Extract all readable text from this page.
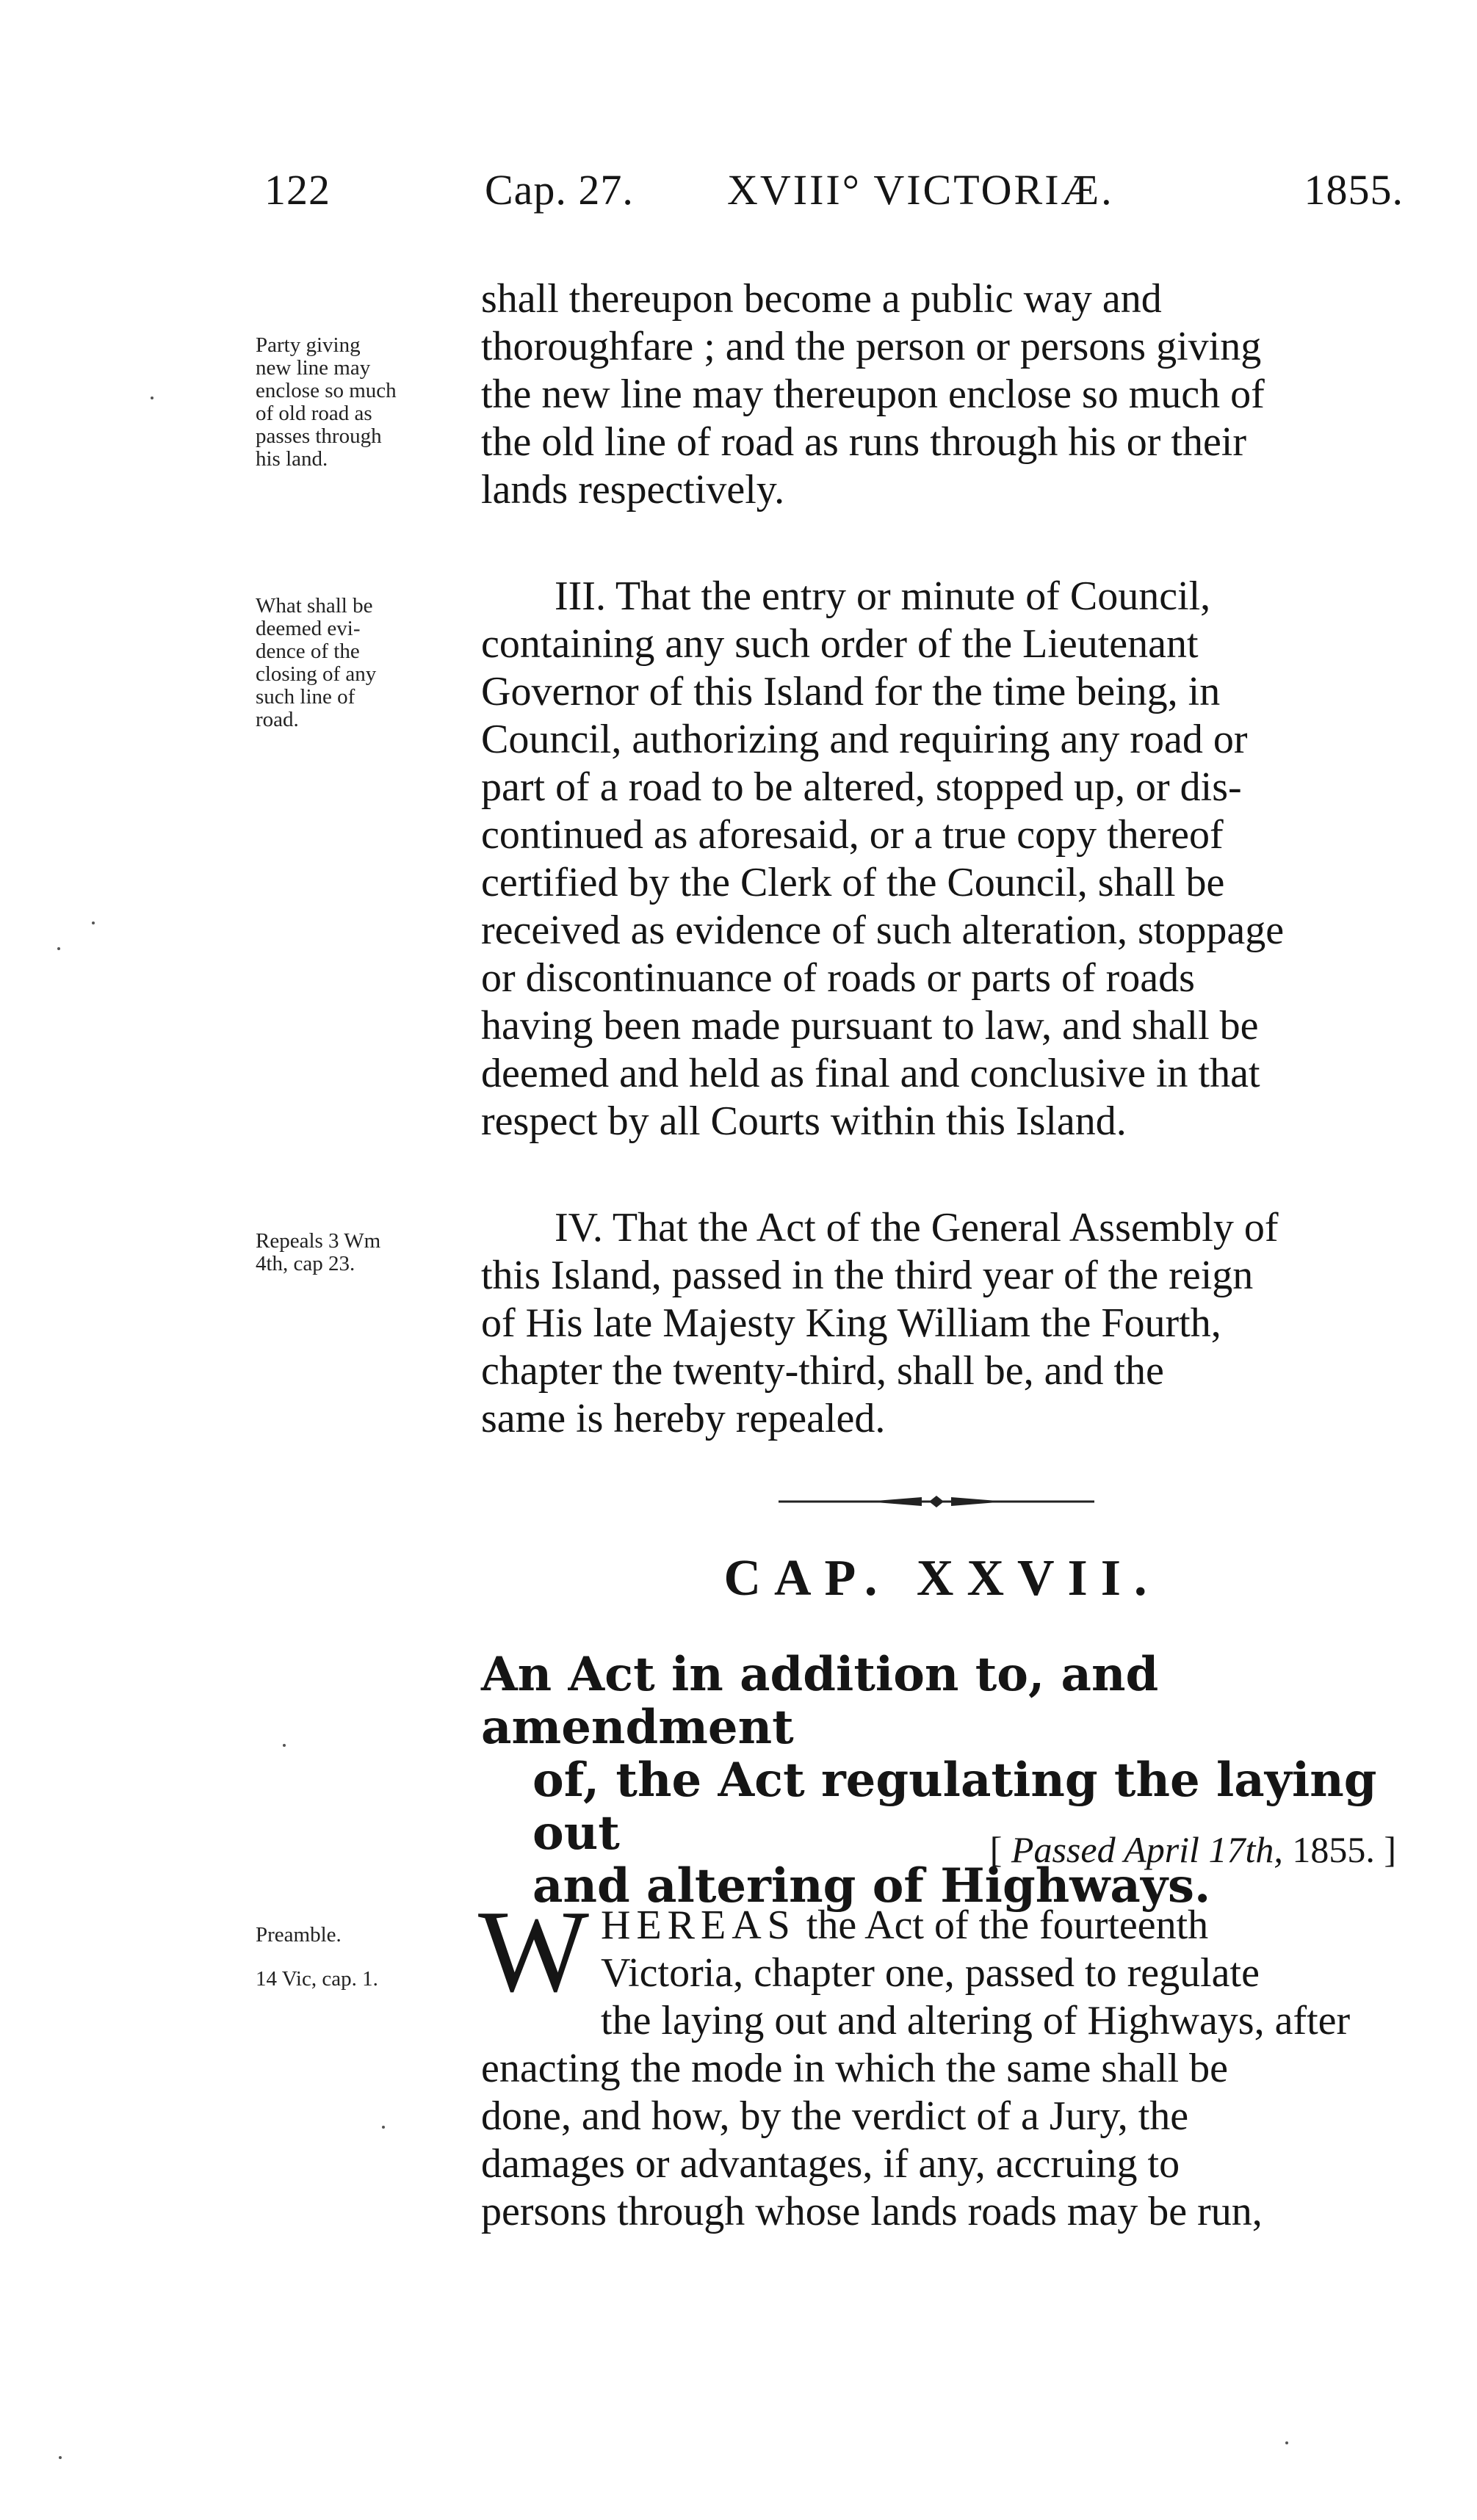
122	Cap. 27. XVIII° VICTORIÆ.	1855.
Party giving
new line may
enclose so much
of old road as
passes through
his land.

shall thereupon become a public way and
thoroughfare ; and the person or persons giving
the new line may thereupon enclose so much of
the old line of road as runs through his or their
lands respectively.

What shall be
deemed evi-
dence of the
closing of any
such line of
road.

III. That the entry or minute of Council,
containing any such order of the Lieutenant
Governor of this Island for the time being, in
Council, authorizing and requiring any road or
part of a road to be altered, stopped up, or dis-
continued as aforesaid, or a true copy thereof
certified by the Clerk of the Council, shall be
received as evidence of such alteration, stoppage
or discontinuance of roads or parts of roads
having been made pursuant to law, and shall be
deemed and held as final and conclusive in that
respect by all Courts within this Island.

Repeals 3 Wm
4th, cap 23.

IV. That the Act of the General Assembly of
this Island, passed in the third year of the reign
of His late Majesty King William the Fourth,
chapter the twenty-third, shall be, and the
same is hereby repealed.

CAP. XXVII.
An Act in addition to, and amendment
of, the Act regulating the laying out
and altering of Highways.
[ Passed April 17th, 1855. ]
Preamble.
14 Vic, cap. 1. W HEREAS the Act of the fourteenth
Victoria, chapter one, passed to regulate
the laying out and altering of Highways, after
enacting the mode in which the same shall be
done, and how, by the verdict of a Jury, the
damages or advantages, if any, accruing to
persons through whose lands roads may be run,
